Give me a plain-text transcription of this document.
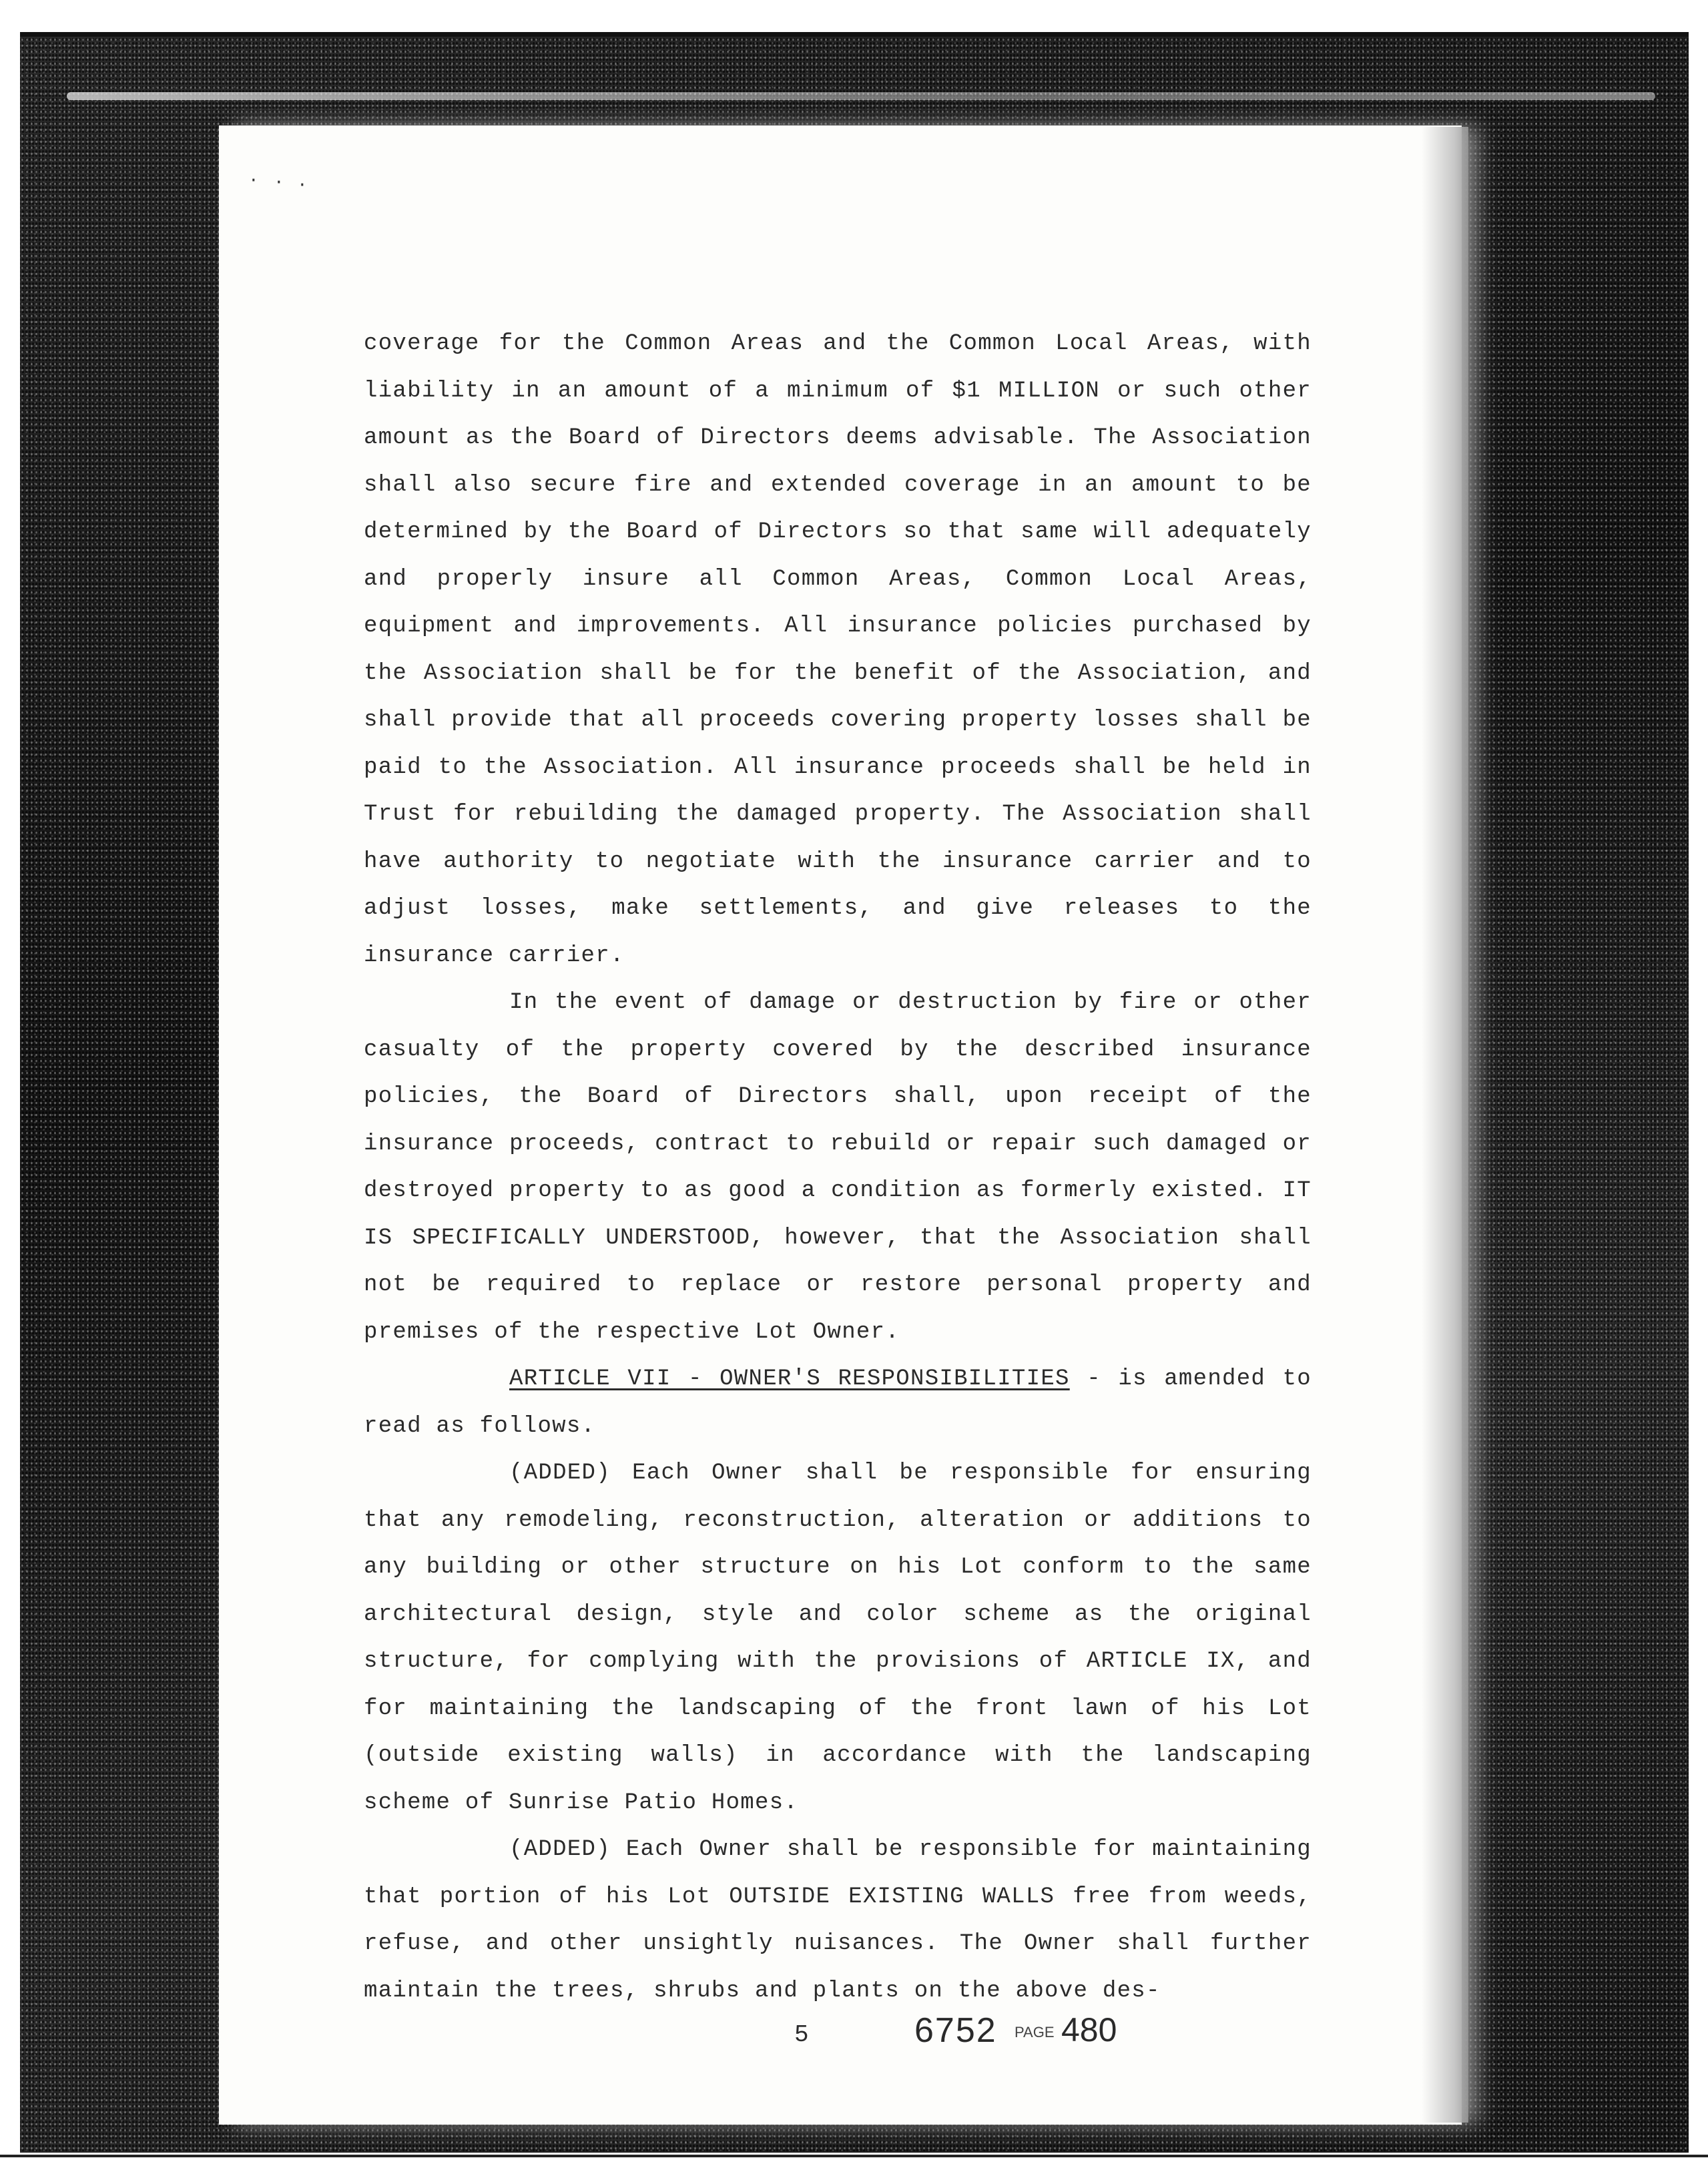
· · ·

coverage for the Common Areas and the Common Local Areas, with liability in an amount of a minimum of $1 MILLION or such other amount as the Board of Directors deems advisable. The Association shall also secure fire and extended coverage in an amount to be determined by the Board of Directors so that same will adequately and properly insure all Common Areas, Common Local Areas, equipment and improvements. All insurance policies purchased by the Association shall be for the benefit of the Association, and shall provide that all proceeds covering property losses shall be paid to the Association. All insurance proceeds shall be held in Trust for rebuilding the damaged property. The Association shall have authority to negotiate with the insurance carrier and to adjust losses, make settlements, and give releases to the insurance carrier.

In the event of damage or destruction by fire or other casualty of the property covered by the described insurance policies, the Board of Directors shall, upon receipt of the insurance proceeds, contract to rebuild or repair such damaged or destroyed property to as good a condition as formerly existed. IT IS SPECIFICALLY UNDERSTOOD, however, that the Association shall not be required to replace or restore personal property and premises of the respective Lot Owner.

ARTICLE VII - OWNER'S RESPONSIBILITIES - is amended to read as follows.

(ADDED) Each Owner shall be responsible for ensuring that any remodeling, reconstruction, alteration or additions to any building or other structure on his Lot conform to the same architectural design, style and color scheme as the original structure, for complying with the provisions of ARTICLE IX, and for maintaining the landscaping of the front lawn of his Lot (outside existing walls) in accordance with the landscaping scheme of Sunrise Patio Homes.

(ADDED) Each Owner shall be responsible for maintaining that portion of his Lot OUTSIDE EXISTING WALLS free from weeds, refuse, and other unsightly nuisances. The Owner shall further maintain the trees, shrubs and plants on the above des-

5	6752 PAGE 480
